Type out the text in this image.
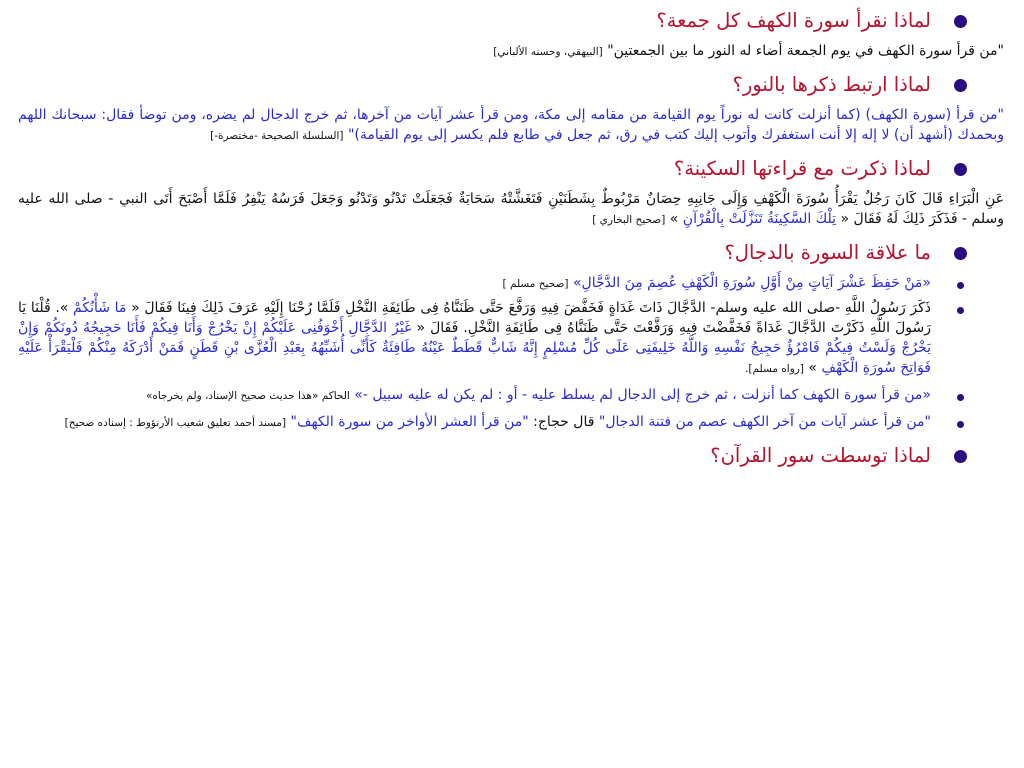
لماذا نقرأ سورة الكهف كل جمعة؟
"من قرأ سورة الكهف في يوم الجمعة أضاء له النور ما بين الجمعتين" [البيهقي، وحسنه الألباني]
لماذا ارتبط ذكرها بالنور؟
"من قرأ (سورة الكهف) (كما أنزلت كانت له نوراً يوم القيامة من مقامه إلى مكة، ومن قرأ عشر آيات من آخرها، ثم خرج الدجال لم يضره، ومن توضأ فقال: سبحانك اللهم وبحمدك (أشهد أن) لا إله إلا أنت استغفرك وأتوب إليك كتب في رق، ثم جعل في طابع فلم يكسر إلى يوم القيامة)" [السلسلة الصحيحة -مختصرة-]
لماذا ذكرت مع قراءتها السكينة؟
عَنِ الْبَرَاءِ قَالَ كَانَ رَجُلٌ يَقْرَأُ سُورَةَ الْكَهْفِ وَإِلَى جَانِبِهِ حِصَانٌ مَرْبُوطٌ بِشَطَنَيْنِ فَتَغَشَّتْهُ سَحَابَةٌ فَجَعَلَتْ تَدْنُو وَتَدْنُو وَجَعَلَ فَرَسُهُ يَنْفِرُ فَلَمَّا أَصْبَحَ أَتَى النبي - صلى الله عليه وسلم - فَذَكَرَ ذَلِكَ لَهُ فَقَالَ « تِلْكَ السَّكِينَةُ تَنَزَّلَتْ بِالْقُرْآنِ » [صحيح البخاري ]
ما علاقة السورة بالدجال؟
«مَنْ حَفِظَ عَشْرَ آيَاتٍ مِنْ أَوَّلِ سُورَةِ الْكَهْفِ عُصِمَ مِنَ الدَّجَّالِ» [صحيح مسلم ]
ذَكَرَ رَسُولُ اللَّهِ -صلى الله عليه وسلم- الدَّجَّالَ ذَاتَ غَدَاةٍ فَخَفَّضَ فِيهِ وَرَفَّعَ حَتَّى ظَنَنَّاهُ فِى طَائِفَةِ النَّخْلِ فَلَمَّا رُحْنَا إِلَيْهِ عَرَفَ ذَلِكَ فِينَا فَقَالَ « مَا شَأْنُكُمْ ». قُلْنَا يَا رَسُولَ اللَّهِ ذَكَرْتَ الدَّجَّالَ غَدَاةً فَخَفَّضْتَ فِيهِ وَرَفَّعْتَ حَتَّى ظَنَنَّاهُ فِى طَائِفَةِ النَّخْلِ. فَقَالَ « غَيْرُ الدَّجَّالِ أَخْوَفُنِى عَلَيْكُمْ إِنْ يَخْرُجْ وَأَنَا فِيكُمْ فَأَنَا حَجِيجُهُ دُونَكُمْ وَإِنْ يَخْرُجْ وَلَسْتُ فِيكُمْ فَامْرُؤٌ حَجِيجُ نَفْسِهِ وَاللَّهُ خَلِيفَتِى عَلَى كُلِّ مُسْلِمٍ إِنَّهُ شَابٌّ قَطَطٌ عَيْنُهُ طَافِئَةٌ كَأَنِّى أُشَبِّهُهُ بِعَبْدِ الْعُزَّى بْنِ قَطَنٍ فَمَنْ أَدْرَكَهُ مِنْكُمْ فَلْيَقْرَأْ عَلَيْهِ فَوَاتِحَ سُورَةِ الْكَهْفِ » [رواه مسلم].
«من قرأ سورة الكهف كما أنزلت ، ثم خرج إلى الدجال لم يسلط عليه - أو : لم يكن له عليه سبيل -» الحاكم «هذا حديث صحيح الإسناد، ولم يخرجاه»
"من قرأ عشر آيات من آخر الكهف عصم من فتنة الدجال" قال حجاج: "من قرأ العشر الأواخر من سورة الكهف" [مسند أحمد تعليق شعيب الأرنؤوط : إسناده صحيح]
لماذا توسطت سور القرآن؟
